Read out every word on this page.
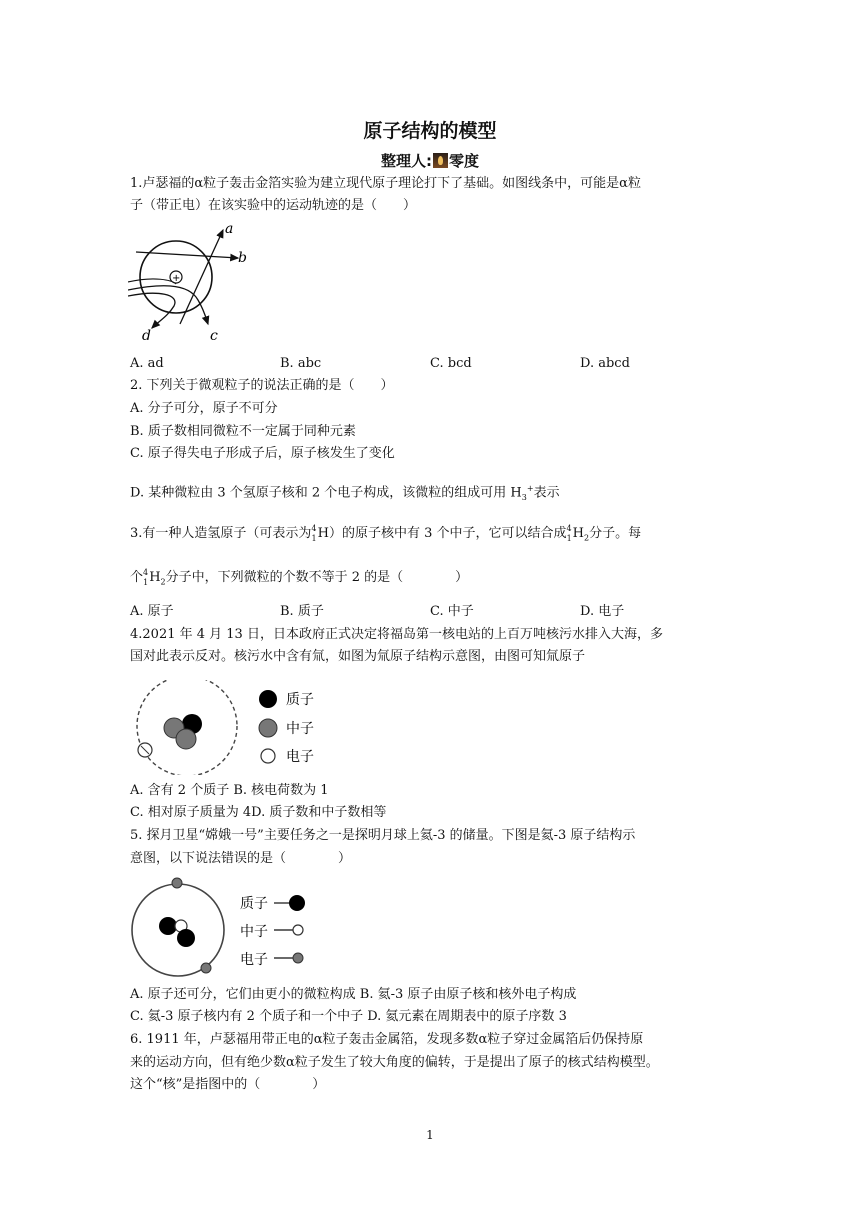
原子结构的模型
整理人: 零度
1.卢瑟福的α粒子轰击金箔实验为建立现代原子理论打下了基础。如图线条中，可能是α粒
子（带正电）在该实验中的运动轨迹的是（　　）
+
a
b
c
d
A. ad	B. abc	C. bcd	D. abcd
2. 下列关于微观粒子的说法正确的是（　　）
A. 分子可分，原子不可分
B. 质子数相同微粒不一定属于同种元素
C. 原子得失电子形成子后，原子核发生了变化
D. 某种微粒由 3 个氢原子核和 2 个电子构成，该微粒的组成可用 $H_3^+$表示
3.有一种人造氢原子（可表示为$^4_1$H）的原子核中有 3 个中子，它可以结合成$^4_1H_2$分子。每
个$^4_1H_2$分子中，下列微粒的个数不等于 2 的是（　　　　）
A. 原子	B. 质子	C. 中子	D. 电子
4.2021 年 4 月 13 日，日本政府正式决定将福岛第一核电站的上百万吨核污水排入大海，多
国对此表示反对。核污水中含有氚，如图为氚原子结构示意图，由图可知氚原子
质子
中子
电子
A. 含有 2 个质子 B. 核电荷数为 1
C. 相对原子质量为 4D. 质子数和中子数相等
5. 探月卫星“嫦娥一号”主要任务之一是探明月球上氦-3 的储量。下图是氦-3 原子结构示
意图，以下说法错误的是（　　　　）
质子
中子
电子
A. 原子还可分，它们由更小的微粒构成 B. 氦-3 原子由原子核和核外电子构成
C. 氦-3 原子核内有 2 个质子和一个中子 D. 氦元素在周期表中的原子序数 3
6. 1911 年，卢瑟福用带正电的α粒子轰击金属箔，发现多数α粒子穿过金属箔后仍保持原
来的运动方向，但有绝少数α粒子发生了较大角度的偏转，于是提出了原子的核式结构模型。
这个“核”是指图中的（　　　　）
1
